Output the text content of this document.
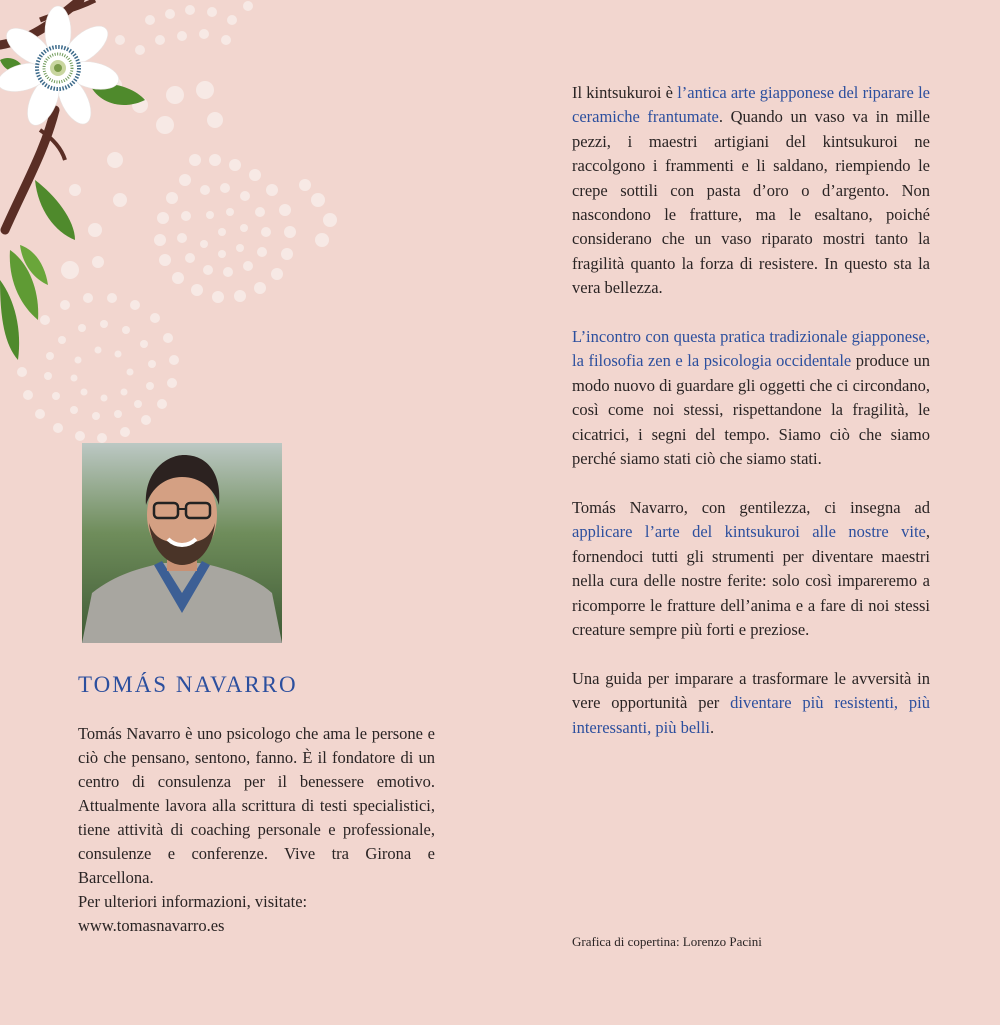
TOMÁS NAVARRO

Tomás Navarro è uno psicologo che ama le persone e ciò che pensano, sentono, fanno. È il fondatore di un centro di consulenza per il benessere emotivo. Attualmente lavora alla scrittura di testi specialistici, tiene attività di coaching personale e professionale, consulenze e conferenze. Vive tra Girona e Barcellona.

Per ulteriori informazioni, visitate:

www.tomasnavarro.es

Il kintsukuroi è l’antica arte giapponese del riparare le ceramiche frantumate. Quando un vaso va in mille pezzi, i maestri artigiani del kintsukuroi ne raccolgono i frammenti e li saldano, riempiendo le crepe sottili con pasta d’oro o d’argento. Non nascondono le fratture, ma le esaltano, poiché considerano che un vaso riparato mostri tanto la fragilità quanto la forza di resistere. In questo sta la vera bellezza.

L’incontro con questa pratica tradizionale giapponese, la filosofia zen e la psicologia occidentale produce un modo nuovo di guardare gli oggetti che ci circondano, così come noi stessi, rispettandone la fragilità, le cicatrici, i segni del tempo. Siamo ciò che siamo perché siamo stati ciò che siamo stati.

Tomás Navarro, con gentilezza, ci insegna ad applicare l’arte del kintsukuroi alle nostre vite, fornendoci tutti gli strumenti per diventare maestri nella cura delle nostre ferite: solo così impareremo a ricomporre le fratture dell’anima e a fare di noi stessi creature sempre più forti e preziose.

Una guida per imparare a trasformare le avversità in vere opportunità per diventare più resistenti, più interessanti, più belli.

Grafica di copertina: Lorenzo Pacini
